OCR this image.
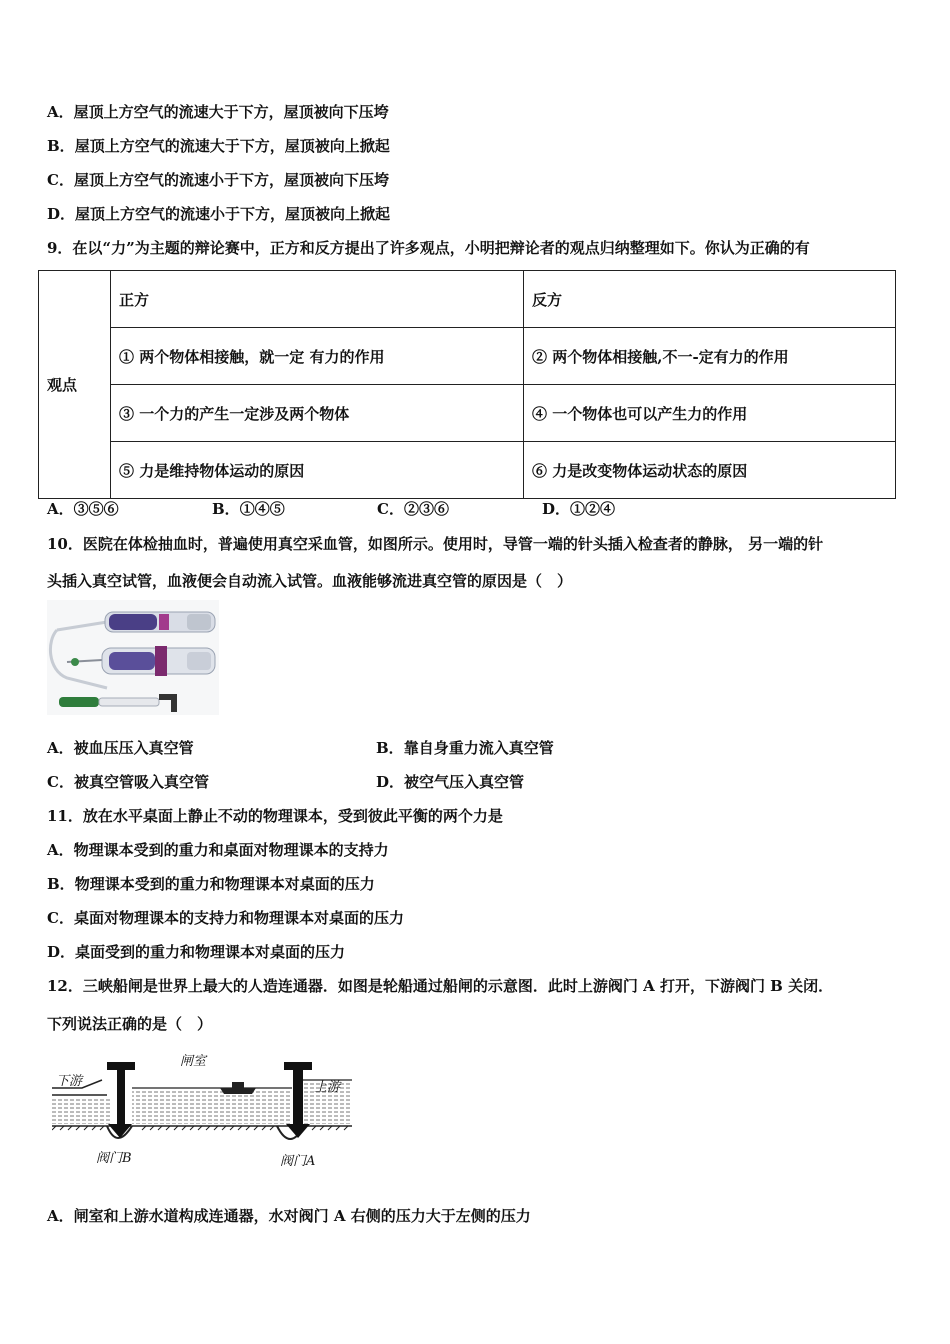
A．屋顶上方空气的流速大于下方，屋顶被向下压垮
B．屋顶上方空气的流速大于下方，屋顶被向上掀起
C．屋顶上方空气的流速小于下方，屋顶被向下压垮
D．屋顶上方空气的流速小于下方，屋顶被向上掀起
9．在以“力”为主题的辩论赛中，正方和反方提出了许多观点，小明把辩论者的观点归纳整理如下。你认为正确的有
观点	正方	反方
	① 两个物体相接触，就一定 有力的作用	② 两个物体相接触,不一-定有力的作用
	③ 一个力的产生一定涉及两个物体	④ 一个物体也可以产生力的作用
	⑤ 力是维持物体运动的原因	⑥ 力是改变物体运动状态的原因
A．③⑤⑥	B．①④⑤	C．②③⑥	D．①②④
10．医院在体检抽血时，普遍使用真空采血管，如图所示。使用时，导管一端的针头插入检查者的静脉， 另一端的针
头插入真空试管，血液便会自动流入试管。血液能够流进真空管的原因是（　）
A．被血压压入真空管	B．靠自身重力流入真空管
C．被真空管吸入真空管	D．被空气压入真空管
11．放在水平桌面上静止不动的物理课本，受到彼此平衡的两个力是
A．物理课本受到的重力和桌面对物理课本的支持力
B．物理课本受到的重力和物理课本对桌面的压力
C．桌面对物理课本的支持力和物理课本对桌面的压力
D．桌面受到的重力和物理课本对桌面的压力
12．三峡船闸是世界上最大的人造连通器．如图是轮船通过船闸的示意图．此时上游阀门 A 打开，下游阀门 B 关闭．
下列说法正确的是（　）
闸室
下游	上游
阀门B	阀门A
A．闸室和上游水道构成连通器，水对阀门 A 右侧的压力大于左侧的压力
